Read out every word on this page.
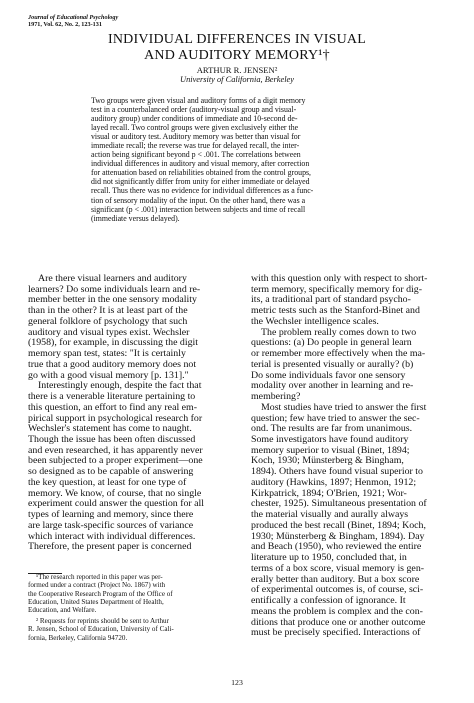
Journal of Educational Psychology
1971, Vol. 62, No. 2, 123-131
INDIVIDUAL DIFFERENCES IN VISUAL
AND AUDITORY MEMORY¹†
ARTHUR R. JENSEN²
University of California, Berkeley
Two groups were given visual and auditory forms of a digit memory
test in a counterbalanced order (auditory-visual group and visual-
auditory group) under conditions of immediate and 10-second de-
layed recall. Two control groups were given exclusively either the
visual or auditory test. Auditory memory was better than visual for
immediate recall; the reverse was true for delayed recall, the inter-
action being significant beyond p < .001. The correlations between
individual differences in auditory and visual memory, after correction
for attenuation based on reliabilities obtained from the control groups,
did not significantly differ from unity for either immediate or delayed
recall. Thus there was no evidence for individual differences as a func-
tion of sensory modality of the input. On the other hand, there was a
significant (p < .001) interaction between subjects and time of recall
(immediate versus delayed).
Are there visual learners and auditory
learners? Do some individuals learn and re-
member better in the one sensory modality
than in the other? It is at least part of the
general folklore of psychology that such
auditory and visual types exist. Wechsler
(1958), for example, in discussing the digit
memory span test, states: "It is certainly
true that a good auditory memory does not
go with a good visual memory [p. 131]."
Interestingly enough, despite the fact that
there is a venerable literature pertaining to
this question, an effort to find any real em-
pirical support in psychological research for
Wechsler's statement has come to naught.
Though the issue has been often discussed
and even researched, it has apparently never
been subjected to a proper experiment—one
so designed as to be capable of answering
the key question, at least for one type of
memory. We know, of course, that no single
experiment could answer the question for all
types of learning and memory, since there
are large task-specific sources of variance
which interact with individual differences.
Therefore, the present paper is concerned
¹The research reported in this paper was per-
formed under a contract (Project No. 1867) with
the Cooperative Research Program of the Office of
Education, United States Department of Health,
Education, and Welfare.
² Requests for reprints should be sent to Arthur
R. Jensen, School of Education, University of Cali-
fornia, Berkeley, California 94720.
with this question only with respect to short-
term memory, specifically memory for dig-
its, a traditional part of standard psycho-
metric tests such as the Stanford-Binet and
the Wechsler intelligence scales.
The problem really comes down to two
questions: (a) Do people in general learn
or remember more effectively when the ma-
terial is presented visually or aurally? (b)
Do some individuals favor one sensory
modality over another in learning and re-
membering?
Most studies have tried to answer the first
question; few have tried to answer the sec-
ond. The results are far from unanimous.
Some investigators have found auditory
memory superior to visual (Binet, 1894;
Koch, 1930; Münsterberg & Bingham,
1894). Others have found visual superior to
auditory (Hawkins, 1897; Henmon, 1912;
Kirkpatrick, 1894; O'Brien, 1921; Wor-
chester, 1925). Simultaneous presentation of
the material visually and aurally always
produced the best recall (Binet, 1894; Koch,
1930; Münsterberg & Bingham, 1894). Day
and Beach (1950), who reviewed the entire
literature up to 1950, concluded that, in
terms of a box score, visual memory is gen-
erally better than auditory. But a box score
of experimental outcomes is, of course, sci-
entifically a confession of ignorance. It
means the problem is complex and the con-
ditions that produce one or another outcome
must be precisely specified. Interactions of
123
